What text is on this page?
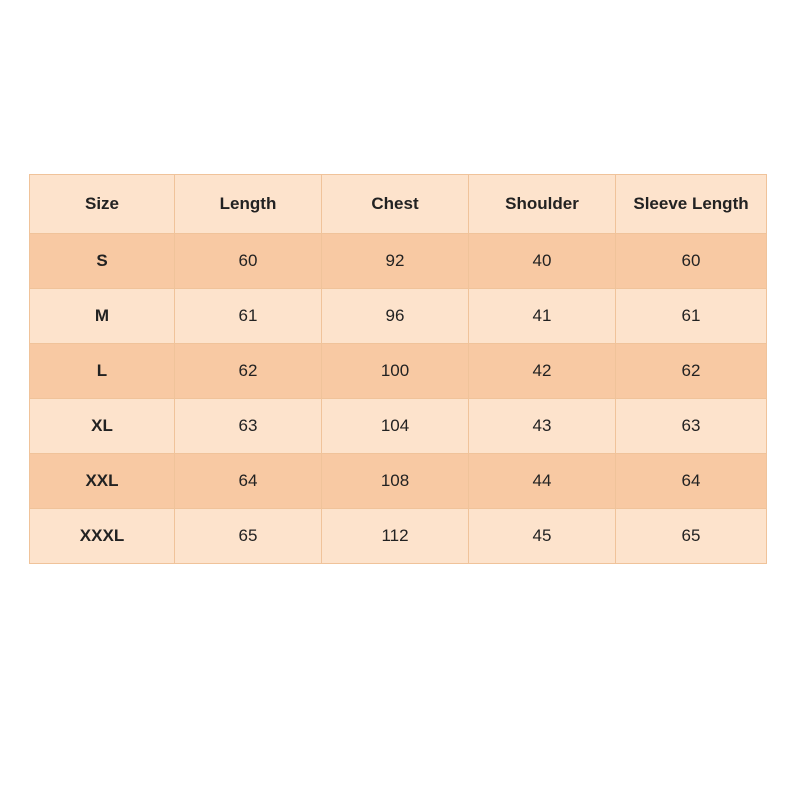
Size	Length	Chest	Shoulder	Sleeve Length
S	60	92	40	60
M	61	96	41	61
L	62	100	42	62
XL	63	104	43	63
XXL	64	108	44	64
XXXL	65	112	45	65
